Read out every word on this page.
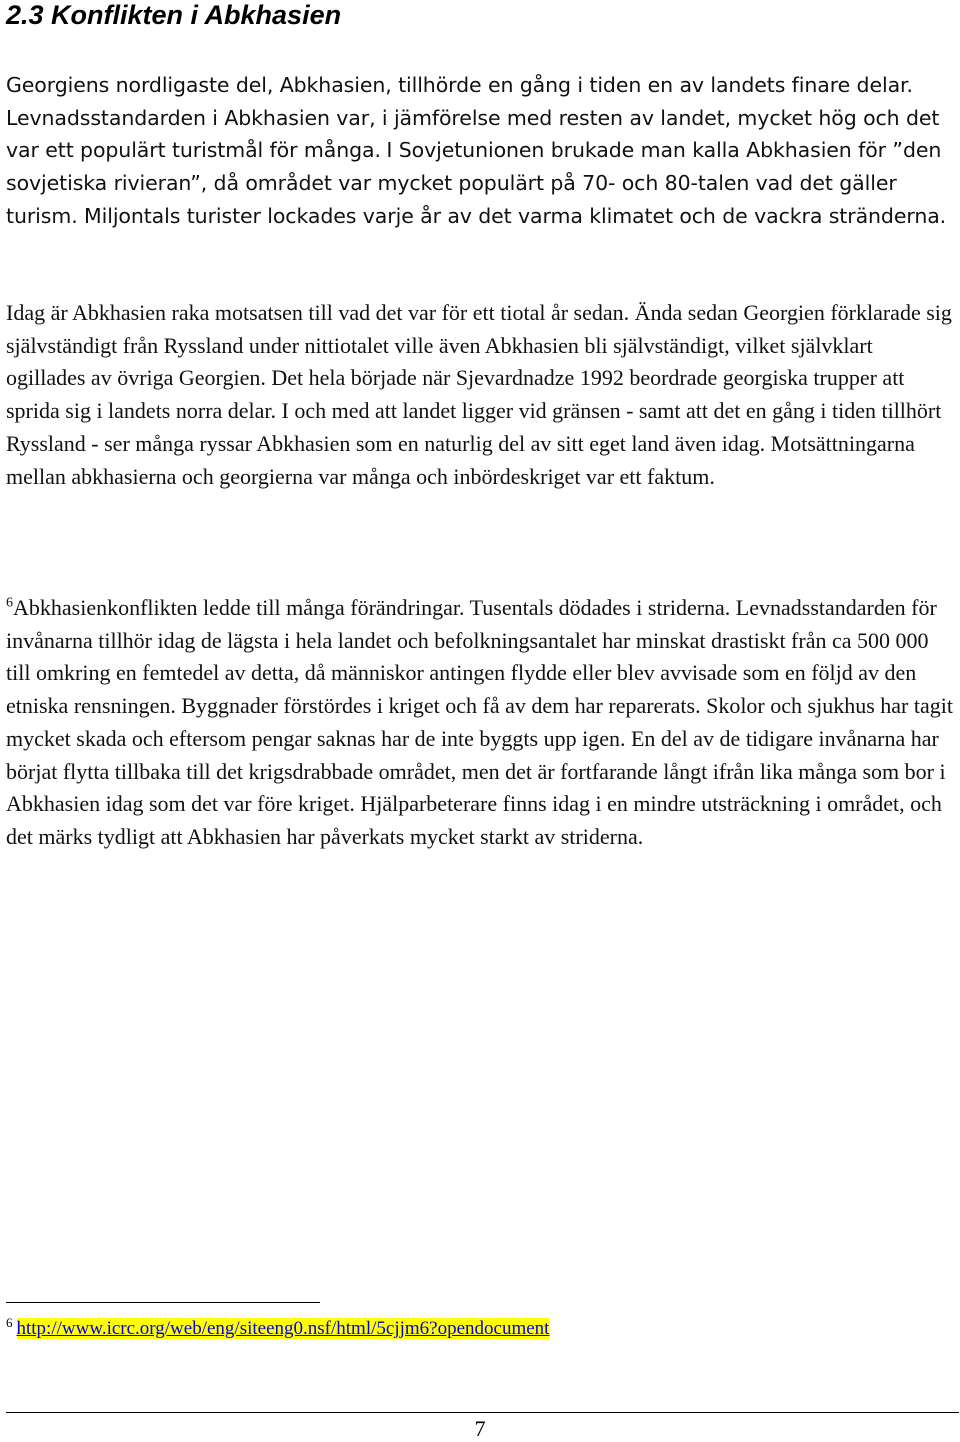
2.3 Konflikten i Abkhasien

Georgiens nordligaste del, Abkhasien, tillhörde en gång i tiden en av landets finare delar. Levnadsstandarden i Abkhasien var, i jämförelse med resten av landet, mycket hög och det var ett populärt turistmål för många. I Sovjetunionen brukade man kalla Abkhasien för ”den sovjetiska rivieran”, då området var mycket populärt på 70- och 80-talen vad det gäller turism. Miljontals turister lockades varje år av det varma klimatet och de vackra stränderna.

Idag är Abkhasien raka motsatsen till vad det var för ett tiotal år sedan. Ända sedan Georgien förklarade sig självständigt från Ryssland under nittiotalet ville även Abkhasien bli självständigt, vilket självklart ogillades av övriga Georgien. Det hela började när Sjevardnadze 1992 beordrade georgiska trupper att sprida sig i landets norra delar. I och med att landet ligger vid gränsen - samt att det en gång i tiden tillhört Ryssland - ser många ryssar Abkhasien som en naturlig del av sitt eget land även idag. Motsättningarna mellan abkhasierna och georgierna var många och inbördeskriget var ett faktum.

$^6$Abkhasienkonflikten ledde till många förändringar. Tusentals dödades i striderna. Levnadsstandarden för invånarna tillhör idag de lägsta i hela landet och befolkningsantalet har minskat drastiskt från ca 500 000 till omkring en femtedel av detta, då människor antingen flydde eller blev avvisade som en följd av den etniska rensningen. Byggnader förstördes i kriget och få av dem har reparerats. Skolor och sjukhus har tagit mycket skada och eftersom pengar saknas har de inte byggts upp igen. En del av de tidigare invånarna har börjat flytta tillbaka till det krigsdrabbade området, men det är fortfarande långt ifrån lika många som bor i Abkhasien idag som det var före kriget. Hjälparbeterare finns idag i en mindre utsträckning i området, och det märks tydligt att Abkhasien har påverkats mycket starkt av striderna.

$^6$ http://www.icrc.org/web/eng/siteeng0.nsf/html/5cjjm6?opendocument

7
